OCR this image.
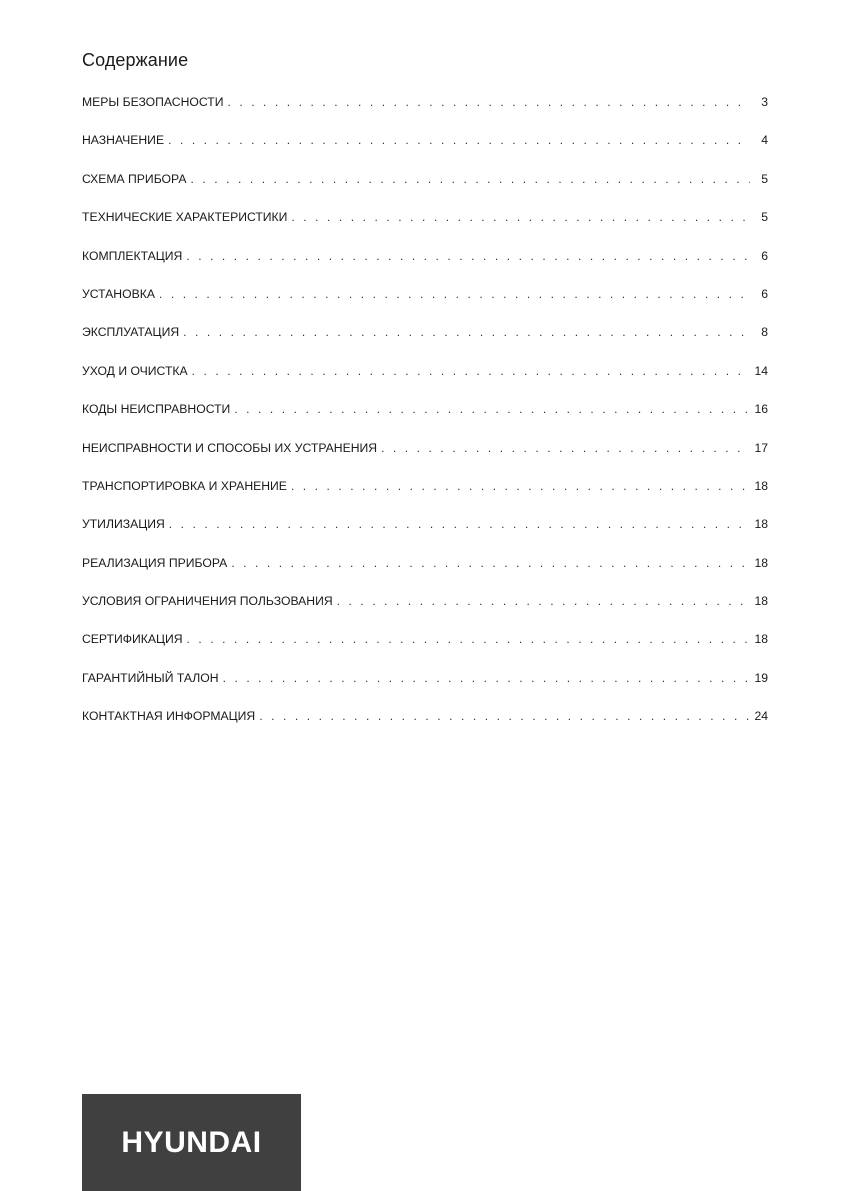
Содержание
МЕРЫ БЕЗОПАСНОСТИ . . .	3
НАЗНАЧЕНИЕ . . .	4
СХЕМА ПРИБОРА . . .	5
ТЕХНИЧЕСКИЕ ХАРАКТЕРИСТИКИ . . .	5
КОМПЛЕКТАЦИЯ . . .	6
УСТАНОВКА . . .	6
ЭКСПЛУАТАЦИЯ . . .	8
УХОД И ОЧИСТКА . . .	14
КОДЫ НЕИСПРАВНОСТИ . . .	16
НЕИСПРАВНОСТИ И СПОСОБЫ ИХ УСТРАНЕНИЯ . . .	17
ТРАНСПОРТИРОВКА И ХРАНЕНИЕ . . .	18
УТИЛИЗАЦИЯ . . .	18
РЕАЛИЗАЦИЯ ПРИБОРА . . .	18
УСЛОВИЯ ОГРАНИЧЕНИЯ ПОЛЬЗОВАНИЯ . . .	18
СЕРТИФИКАЦИЯ . . .	18
ГАРАНТИЙНЫЙ ТАЛОН . . .	19
КОНТАКТНАЯ ИНФОРМАЦИЯ . . .	24
HYUNDAI
